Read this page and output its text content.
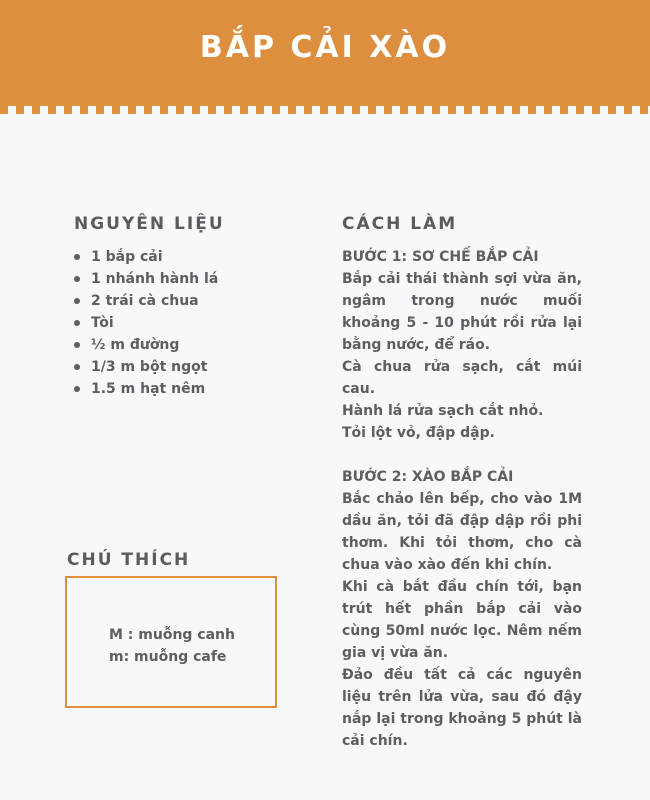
BẮP CẢI XÀO
NGUYÊN LIỆU
1 bắp cải
1 nhánh hành lá
2 trái cà chua
Tòi
½ m đường
1/3 m bột ngọt
1.5 m hạt nêm
CHÚ THÍCH
M : muỗng canh
m: muỗng cafe
CÁCH LÀM

BƯỚC 1: SƠ CHẾ BẮP CẢI

Bắp cải thái thành sợi vừa ăn, ngâm trong nước muối khoảng 5 - 10 phút rồi rửa lại bằng nước, để ráo.

Cà chua rửa sạch, cắt múi cau.

Hành lá rửa sạch cắt nhỏ.

Tỏi lột vỏ, đập dập.

BƯỚC 2: XÀO BẮP CẢI

Bắc chảo lên bếp, cho vào 1M dầu ăn, tỏi đã đập dập rồi phi thơm. Khi tỏi thơm, cho cà chua vào xào đến khi chín.

Khi cà bắt đầu chín tới, bạn trút hết phần bắp cải vào cùng 50ml nước lọc. Nêm nếm gia vị vừa ăn.

Đảo đều tất cả các nguyên liệu trên lửa vừa, sau đó đậy nắp lại trong khoảng 5 phút là cải chín.
